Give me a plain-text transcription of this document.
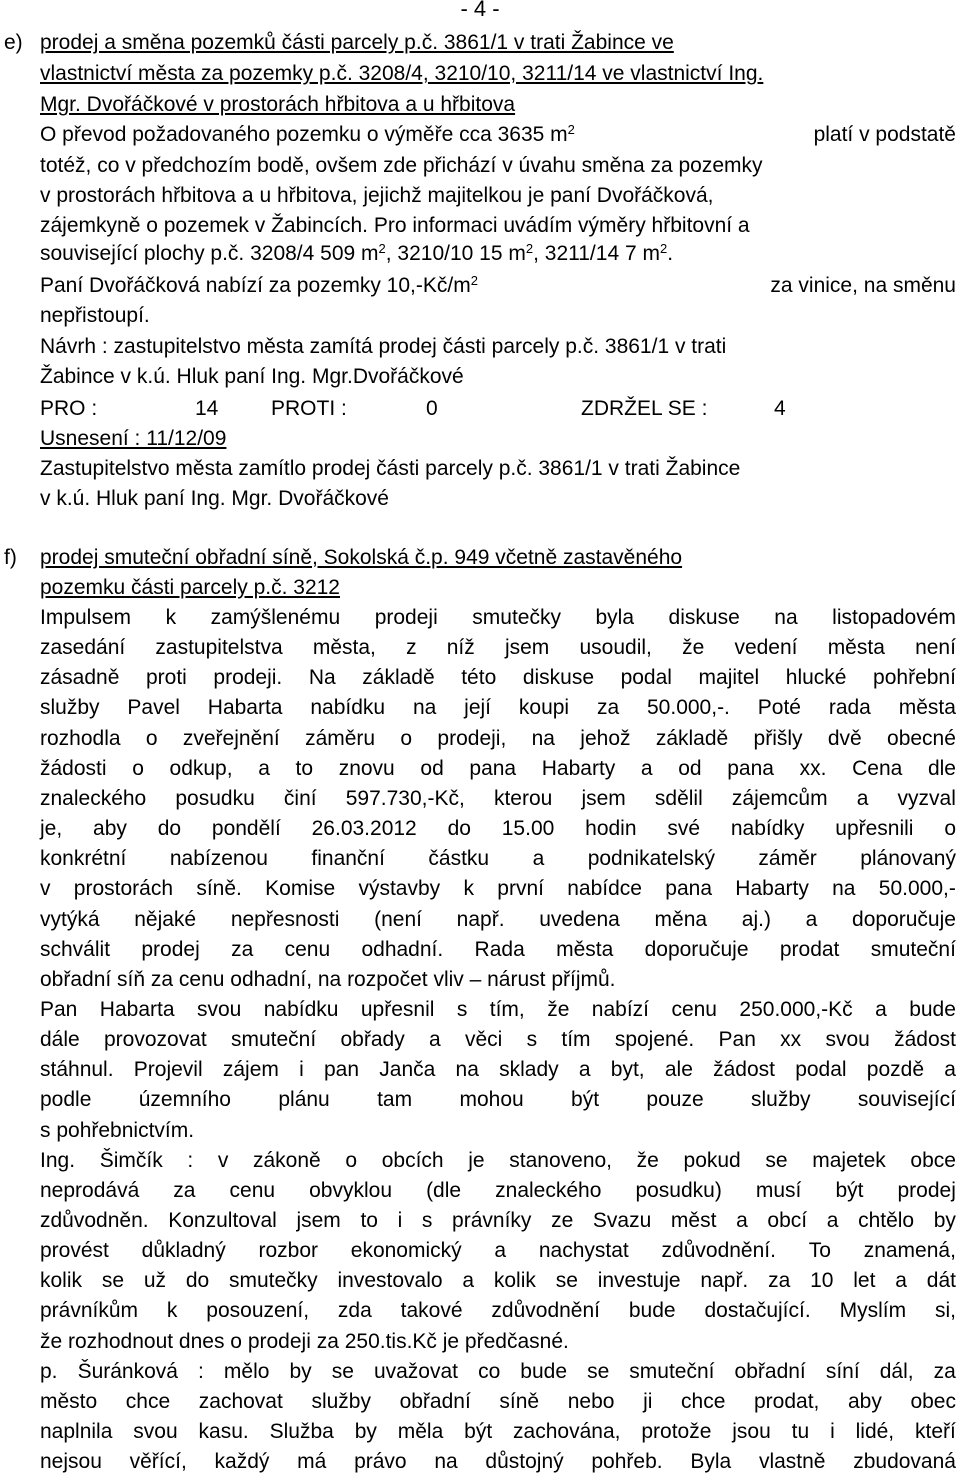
- 4 -
e) prodej a směna pozemků části parcely p.č. 3861/1 v trati Žabince ve
vlastnictví města za pozemky p.č. 3208/4, 3210/10, 3211/14 ve vlastnictví Ing.
Mgr. Dvořáčkové v prostorách hřbitova a u hřbitova
O převod požadovaného pozemku o výměře cca 3635 $m^2$	platí v podstatě
totéž, co v předchozím bodě, ovšem zde přichází v úvahu směna za pozemky
v prostorách hřbitova a u hřbitova, jejichž majitelkou je paní Dvořáčková,
zájemkyně o pozemek v Žabincích. Pro informaci uvádím výměry hřbitovní a
související plochy p.č. 3208/4 509 $m^2$, 3210/10 15 $m^2$, 3211/14 7 $m^2$.
Paní Dvořáčková nabízí za pozemky $10,-Kč/m^2$	za vinice, na směnu
nepřistoupí.
Návrh : zastupitelstvo města zamítá prodej části parcely p.č. 3861/1 v trati
Žabince v k.ú. Hluk paní Ing. Mgr.Dvořáčkové
PRO :	14	PROTI :	0	ZDRŽEL SE :	4
Usnesení : 11/12/09
Zastupitelstvo města zamítlo prodej části parcely p.č. 3861/1 v trati Žabince
v k.ú. Hluk paní Ing. Mgr. Dvořáčkové
f) prodej smuteční obřadní síně, Sokolská č.p. 949 včetně zastavěného
pozemku části parcely p.č. 3212
Impulsem k zamýšlenému prodeji smutečky byla diskuse na listopadovém
zasedání zastupitelstva města, z níž jsem usoudil, že vedení města není
zásadně proti prodeji. Na základě této diskuse podal majitel hlucké pohřební
služby Pavel Habarta nabídku na její koupi za 50.000,-. Poté rada města
rozhodla o zveřejnění záměru o prodeji, na jehož základě přišly dvě obecné
žádosti o odkup, a to znovu od pana Habarty a od pana xx. Cena dle
znaleckého posudku činí 597.730,-Kč, kterou jsem sdělil zájemcům a vyzval
je, aby do pondělí 26.03.2012 do 15.00 hodin své nabídky upřesnili o
konkrétní nabízenou finanční částku a podnikatelský záměr plánovaný
v prostorách síně. Komise výstavby k první nabídce pana Habarty na 50.000,-
vytýká nějaké nepřesnosti (není např. uvedena měna aj.) a doporučuje
schválit prodej za cenu odhadní. Rada města doporučuje prodat smuteční
obřadní síň za cenu odhadní, na rozpočet vliv – nárust příjmů.
Pan Habarta svou nabídku upřesnil s tím, že nabízí cenu 250.000,-Kč a bude
dále provozovat smuteční obřady a věci s tím spojené. Pan xx svou žádost
stáhnul. Projevil zájem i pan Janča na sklady a byt, ale žádost podal pozdě a
podle územního plánu tam mohou být pouze služby související
s pohřebnictvím.
Ing. Šimčík : v zákoně o obcích je stanoveno, že pokud se majetek obce
neprodává za cenu obvyklou (dle znaleckého posudku) musí být prodej
zdůvodněn. Konzultoval jsem to i s právníky ze Svazu měst a obcí a chtělo by
provést důkladný rozbor ekonomický a nachystat zdůvodnění. To znamená,
kolik se už do smutečky investovalo a kolik se investuje např. za 10 let a dát
právníkům k posouzení, zda takové zdůvodnění bude dostačující. Myslím si,
že rozhodnout dnes o prodeji za 250.tis.Kč je předčasné.
p. Šuránková : mělo by se uvažovat co bude se smuteční obřadní síní dál, za
město chce zachovat služby obřadní síně nebo ji chce prodat, aby obec
naplnila svou kasu. Služba by měla být zachována, protože jsou tu i lidé, kteří
nejsou věřící, každý má právo na důstojný pohřeb. Byla vlastně zbudovaná
